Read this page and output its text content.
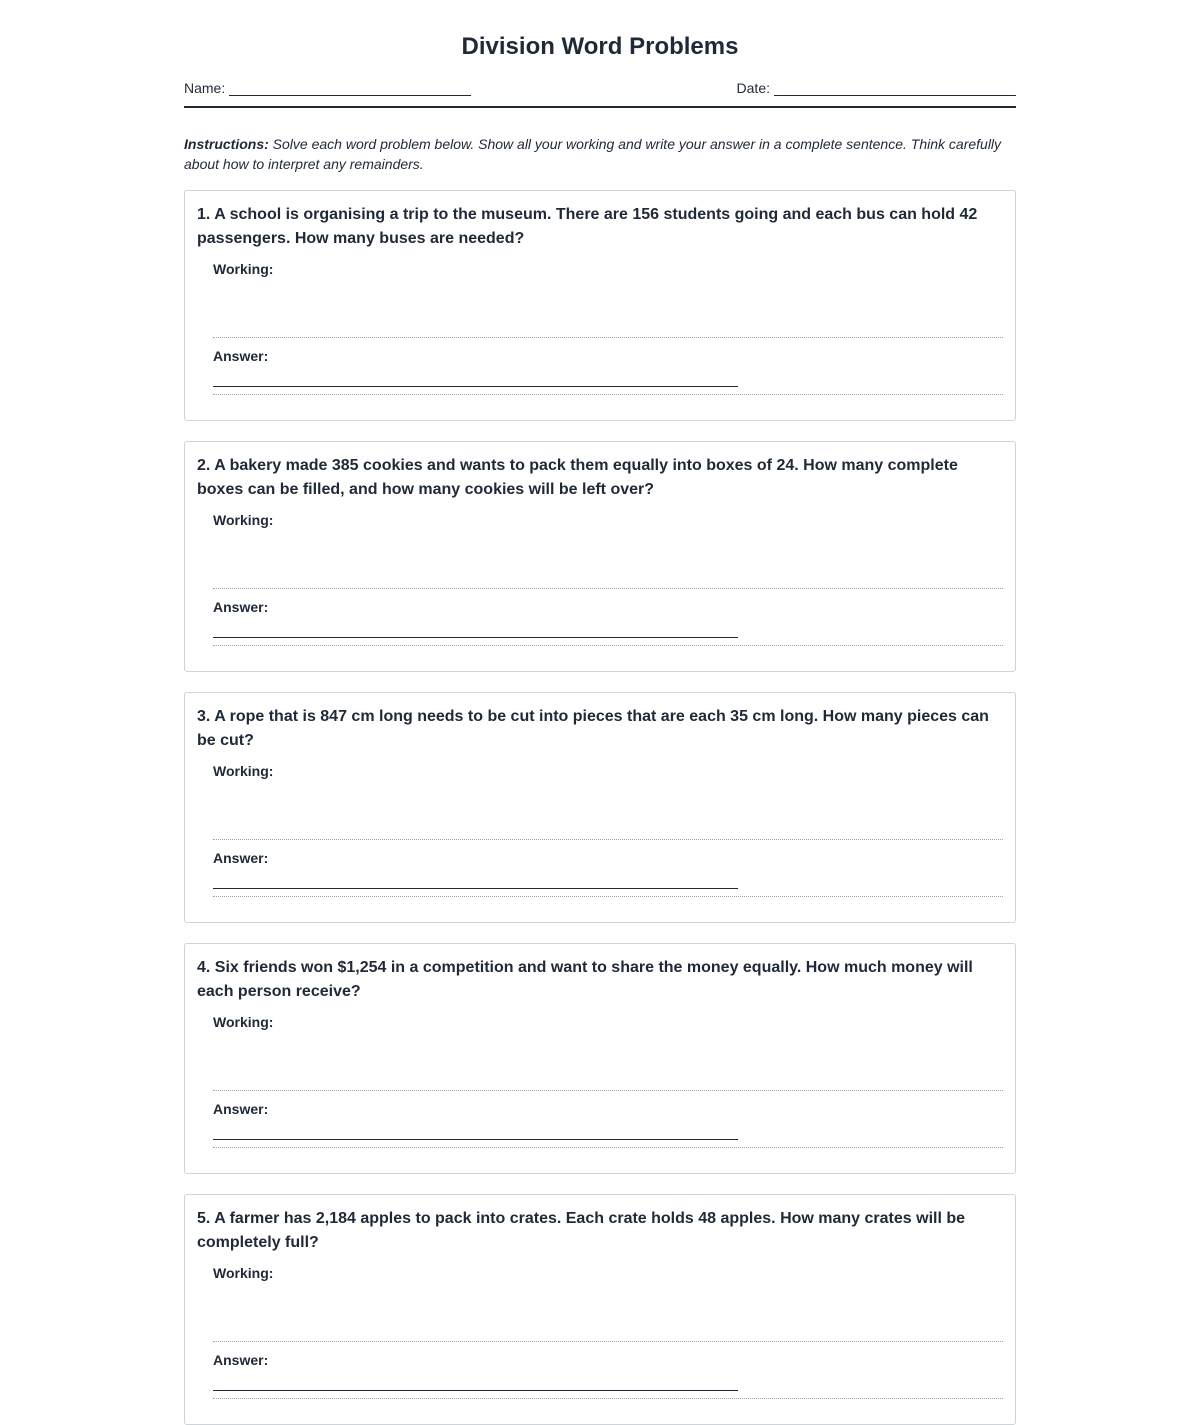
Division Word Problems
Name:	Date:
Instructions: Solve each word problem below. Show all your working and write your answer in a complete sentence. Think carefully about how to interpret any remainders.
1. A school is organising a trip to the museum. There are 156 students going and each bus can hold 42 passengers. How many buses are needed?
Working:
Answer:
2. A bakery made 385 cookies and wants to pack them equally into boxes of 24. How many complete boxes can be filled, and how many cookies will be left over?
Working:
Answer:
3. A rope that is 847 cm long needs to be cut into pieces that are each 35 cm long. How many pieces can be cut?
Working:
Answer:
4. Six friends won $1,254 in a competition and want to share the money equally. How much money will each person receive?
Working:
Answer:
5. A farmer has 2,184 apples to pack into crates. Each crate holds 48 apples. How many crates will be completely full?
Working:
Answer:
